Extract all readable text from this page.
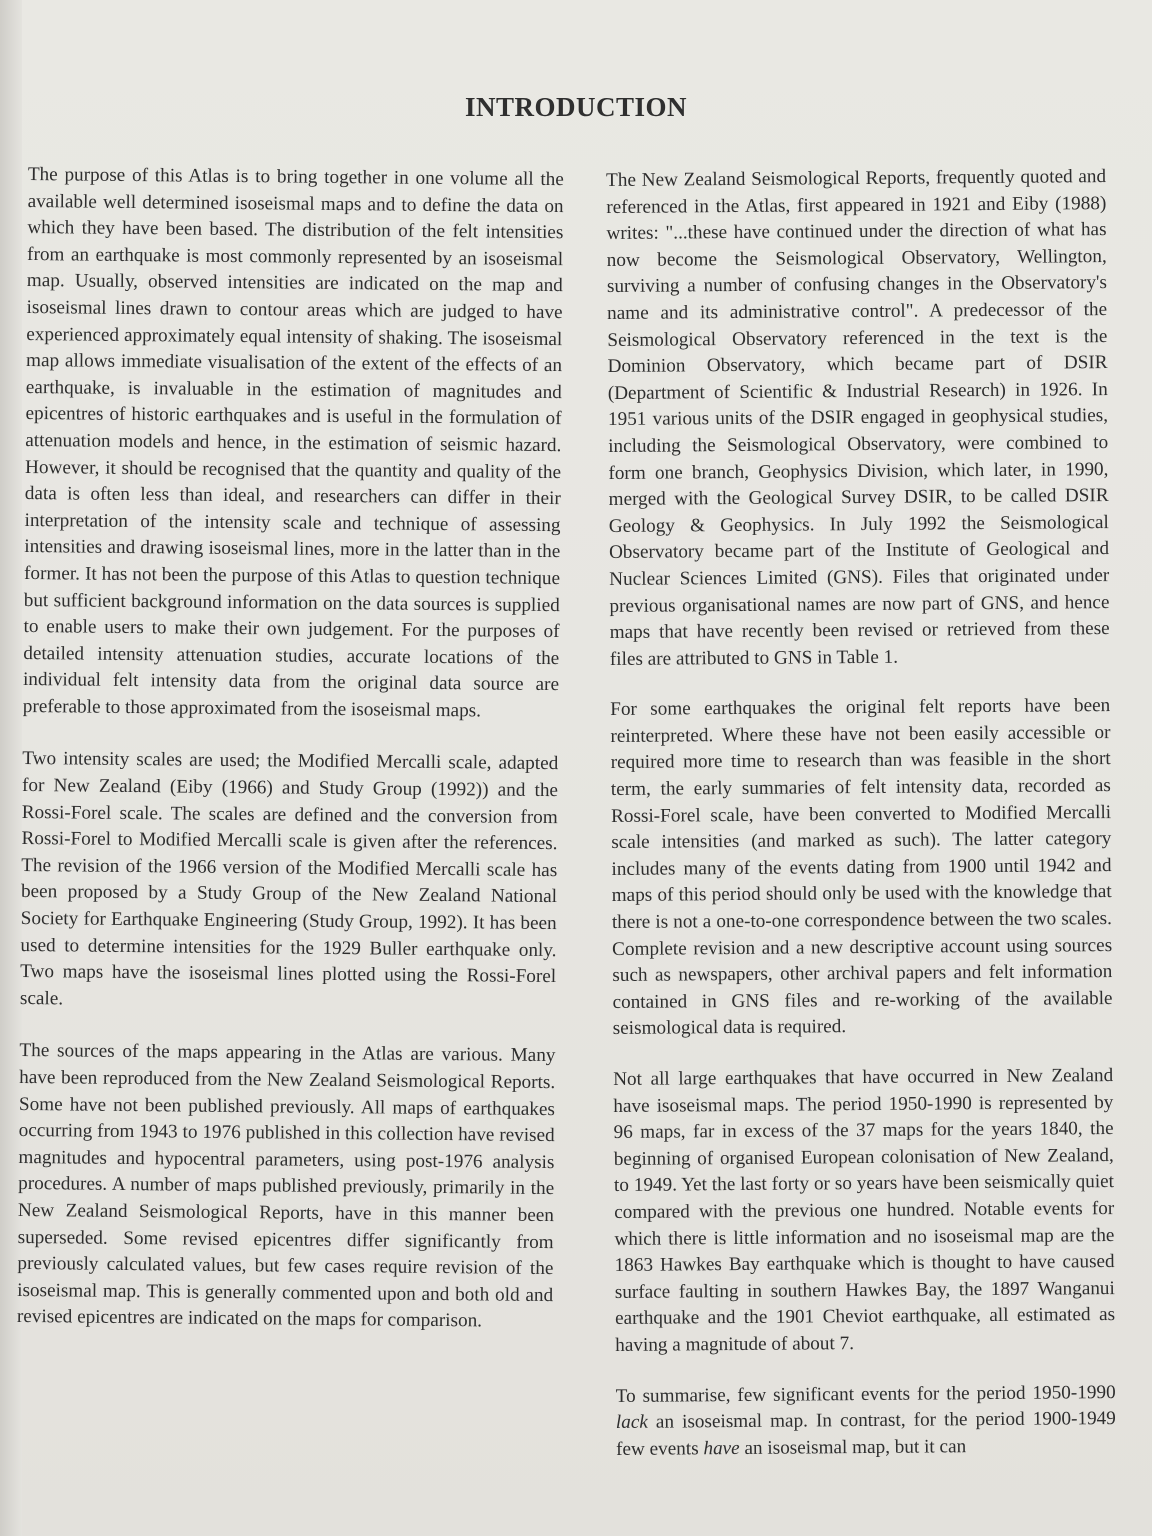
INTRODUCTION

The purpose of this Atlas is to bring together in one volume all the available well determined isoseismal maps and to define the data on which they have been based. The distribution of the felt intensities from an earthquake is most commonly represented by an isoseismal map. Usually, observed intensities are indicated on the map and isoseismal lines drawn to contour areas which are judged to have experienced approximately equal intensity of shaking. The isoseismal map allows immediate visualisation of the extent of the effects of an earthquake, is invaluable in the estimation of magnitudes and epicentres of historic earthquakes and is useful in the formulation of attenuation models and hence, in the estimation of seismic hazard. However, it should be recognised that the quantity and quality of the data is often less than ideal, and researchers can differ in their interpretation of the intensity scale and technique of assessing intensities and drawing isoseismal lines, more in the latter than in the former. It has not been the purpose of this Atlas to question technique but sufficient background information on the data sources is supplied to enable users to make their own judgement. For the purposes of detailed intensity attenuation studies, accurate locations of the individual felt intensity data from the original data source are preferable to those approximated from the isoseismal maps.

Two intensity scales are used; the Modified Mercalli scale, adapted for New Zealand (Eiby (1966) and Study Group (1992)) and the Rossi-Forel scale. The scales are defined and the conversion from Rossi-Forel to Modified Mercalli scale is given after the references. The revision of the 1966 version of the Modified Mercalli scale has been proposed by a Study Group of the New Zealand National Society for Earthquake Engineering (Study Group, 1992). It has been used to determine intensities for the 1929 Buller earthquake only. Two maps have the isoseismal lines plotted using the Rossi-Forel scale.

The sources of the maps appearing in the Atlas are various. Many have been reproduced from the New Zealand Seismological Reports. Some have not been published previously. All maps of earthquakes occurring from 1943 to 1976 published in this collection have revised magnitudes and hypocentral parameters, using post-1976 analysis procedures. A number of maps published previously, primarily in the New Zealand Seismological Reports, have in this manner been superseded. Some revised epicentres differ significantly from previously calculated values, but few cases require revision of the isoseismal map. This is generally commented upon and both old and revised epicentres are indicated on the maps for comparison.

The New Zealand Seismological Reports, frequently quoted and referenced in the Atlas, first appeared in 1921 and Eiby (1988) writes: "...these have continued under the direction of what has now become the Seismological Observatory, Wellington, surviving a number of confusing changes in the Observatory's name and its administrative control". A predecessor of the Seismological Observatory referenced in the text is the Dominion Observatory, which became part of DSIR (Department of Scientific & Industrial Research) in 1926. In 1951 various units of the DSIR engaged in geophysical studies, including the Seismological Observatory, were combined to form one branch, Geophysics Division, which later, in 1990, merged with the Geological Survey DSIR, to be called DSIR Geology & Geophysics. In July 1992 the Seismological Observatory became part of the Institute of Geological and Nuclear Sciences Limited (GNS). Files that originated under previous organisational names are now part of GNS, and hence maps that have recently been revised or retrieved from these files are attributed to GNS in Table 1.

For some earthquakes the original felt reports have been reinterpreted. Where these have not been easily accessible or required more time to research than was feasible in the short term, the early summaries of felt intensity data, recorded as Rossi-Forel scale, have been converted to Modified Mercalli scale intensities (and marked as such). The latter category includes many of the events dating from 1900 until 1942 and maps of this period should only be used with the knowledge that there is not a one-to-one correspondence between the two scales. Complete revision and a new descriptive account using sources such as newspapers, other archival papers and felt information contained in GNS files and re-working of the available seismological data is required.

Not all large earthquakes that have occurred in New Zealand have isoseismal maps. The period 1950-1990 is represented by 96 maps, far in excess of the 37 maps for the years 1840, the beginning of organised European colonisation of New Zealand, to 1949. Yet the last forty or so years have been seismically quiet compared with the previous one hundred. Notable events for which there is little information and no isoseismal map are the 1863 Hawkes Bay earthquake which is thought to have caused surface faulting in southern Hawkes Bay, the 1897 Wanganui earthquake and the 1901 Cheviot earthquake, all estimated as having a magnitude of about 7.

To summarise, few significant events for the period 1950-1990 lack an isoseismal map. In contrast, for the period 1900-1949 few events have an isoseismal map, but it can
